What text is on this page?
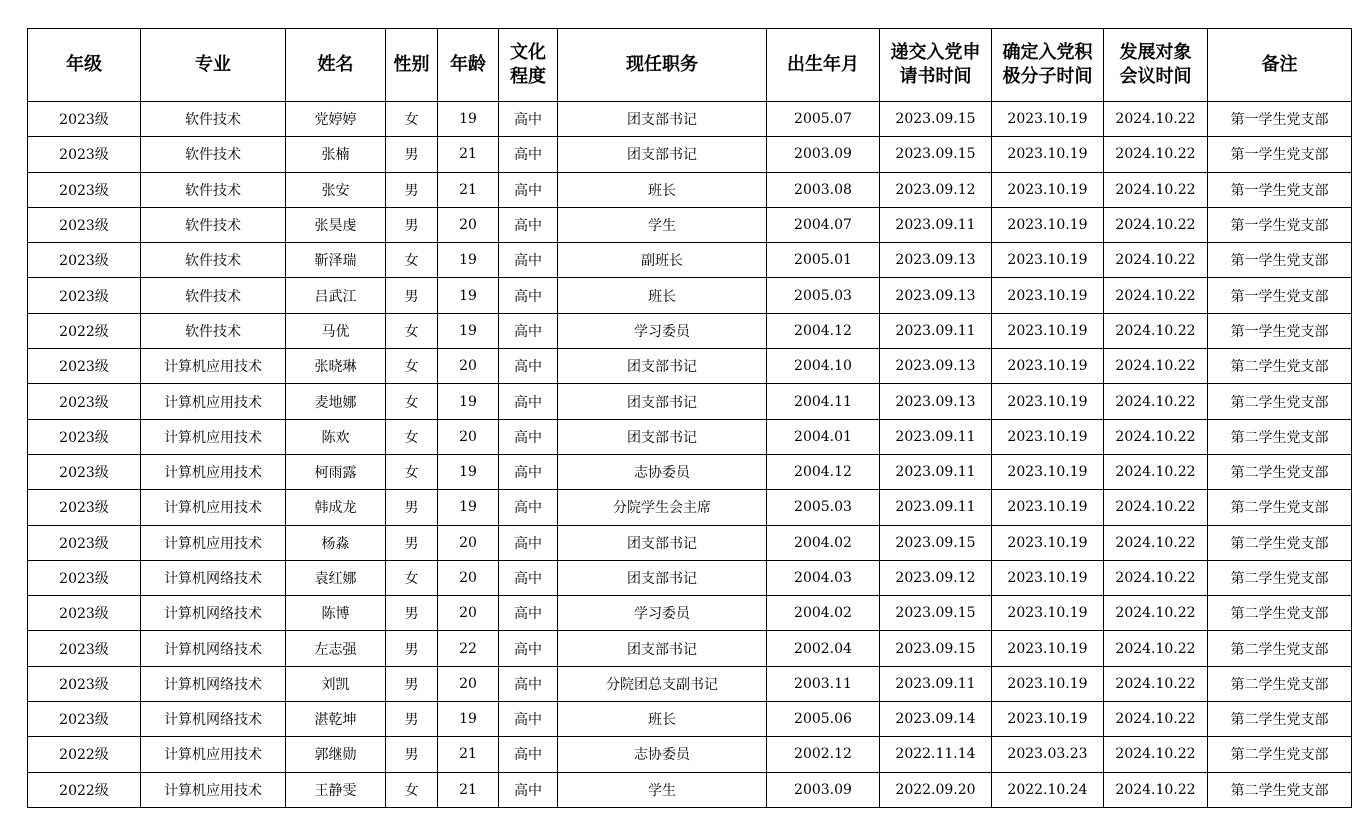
年级	专业	姓名	性别	年龄	文化程度	现任职务	出生年月	递交入党申请书时间	确定入党积极分子时间	发展对象会议时间	备注
2023级	软件技术	党婷婷	女	19	高中	团支部书记	2005.07	2023.09.15	2023.10.19	2024.10.22	第一学生党支部
2023级	软件技术	张楠	男	21	高中	团支部书记	2003.09	2023.09.15	2023.10.19	2024.10.22	第一学生党支部
2023级	软件技术	张安	男	21	高中	班长	2003.08	2023.09.12	2023.10.19	2024.10.22	第一学生党支部
2023级	软件技术	张昊虔	男	20	高中	学生	2004.07	2023.09.11	2023.10.19	2024.10.22	第一学生党支部
2023级	软件技术	靳泽瑞	女	19	高中	副班长	2005.01	2023.09.13	2023.10.19	2024.10.22	第一学生党支部
2023级	软件技术	吕武江	男	19	高中	班长	2005.03	2023.09.13	2023.10.19	2024.10.22	第一学生党支部
2022级	软件技术	马优	女	19	高中	学习委员	2004.12	2023.09.11	2023.10.19	2024.10.22	第一学生党支部
2023级	计算机应用技术	张晓琳	女	20	高中	团支部书记	2004.10	2023.09.13	2023.10.19	2024.10.22	第二学生党支部
2023级	计算机应用技术	麦地娜	女	19	高中	团支部书记	2004.11	2023.09.13	2023.10.19	2024.10.22	第二学生党支部
2023级	计算机应用技术	陈欢	女	20	高中	团支部书记	2004.01	2023.09.11	2023.10.19	2024.10.22	第二学生党支部
2023级	计算机应用技术	柯雨露	女	19	高中	志协委员	2004.12	2023.09.11	2023.10.19	2024.10.22	第二学生党支部
2023级	计算机应用技术	韩成龙	男	19	高中	分院学生会主席	2005.03	2023.09.11	2023.10.19	2024.10.22	第二学生党支部
2023级	计算机应用技术	杨淼	男	20	高中	团支部书记	2004.02	2023.09.15	2023.10.19	2024.10.22	第二学生党支部
2023级	计算机网络技术	袁红娜	女	20	高中	团支部书记	2004.03	2023.09.12	2023.10.19	2024.10.22	第二学生党支部
2023级	计算机网络技术	陈博	男	20	高中	学习委员	2004.02	2023.09.15	2023.10.19	2024.10.22	第二学生党支部
2023级	计算机网络技术	左志强	男	22	高中	团支部书记	2002.04	2023.09.15	2023.10.19	2024.10.22	第二学生党支部
2023级	计算机网络技术	刘凯	男	20	高中	分院团总支副书记	2003.11	2023.09.11	2023.10.19	2024.10.22	第二学生党支部
2023级	计算机网络技术	湛乾坤	男	19	高中	班长	2005.06	2023.09.14	2023.10.19	2024.10.22	第二学生党支部
2022级	计算机应用技术	郭继勋	男	21	高中	志协委员	2002.12	2022.11.14	2023.03.23	2024.10.22	第二学生党支部
2022级	计算机应用技术	王静雯	女	21	高中	学生	2003.09	2022.09.20	2022.10.24	2024.10.22	第二学生党支部
